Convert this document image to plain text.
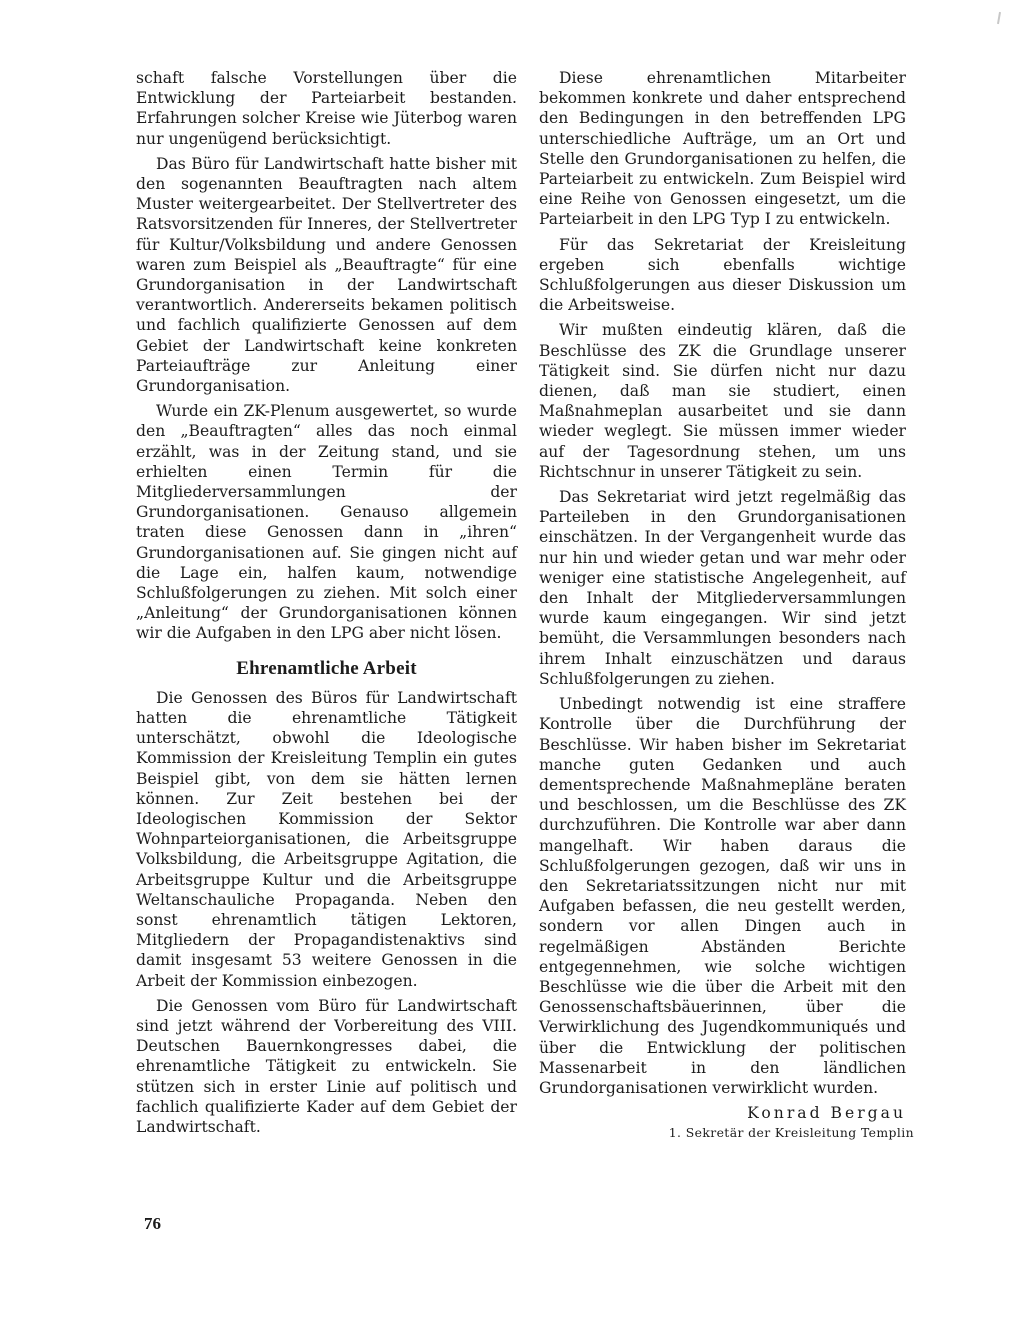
schaft falsche Vorstellungen über die Entwicklung der Parteiarbeit bestanden. Erfahrungen solcher Kreise wie Jüterbog waren nur ungenügend berücksichtigt.

Das Büro für Landwirtschaft hatte bisher mit den sogenannten Beauftragten nach altem Muster weitergearbeitet. Der Stellvertreter des Ratsvorsitzenden für Inneres, der Stellvertreter für Kultur/Volksbildung und andere Genossen waren zum Beispiel als „Beauftragte“ für eine Grundorganisation in der Landwirtschaft verantwortlich. Andererseits bekamen politisch und fachlich qualifizierte Genossen auf dem Gebiet der Landwirtschaft keine konkreten Parteiaufträge zur Anleitung einer Grundorganisation.

Wurde ein ZK-Plenum ausgewertet, so wurde den „Beauftragten“ alles das noch einmal erzählt, was in der Zeitung stand, und sie erhielten einen Termin für die Mitgliederversammlungen der Grundorganisationen. Genauso allgemein traten diese Genossen dann in „ihren“ Grundorganisationen auf. Sie gingen nicht auf die Lage ein, halfen kaum, notwendige Schlußfolgerungen zu ziehen. Mit solch einer „Anleitung“ der Grundorganisationen können wir die Aufgaben in den LPG aber nicht lösen.

Ehrenamtliche Arbeit

Die Genossen des Büros für Landwirtschaft hatten die ehrenamtliche Tätigkeit unterschätzt, obwohl die Ideologische Kommission der Kreisleitung Templin ein gutes Beispiel gibt, von dem sie hätten lernen können. Zur Zeit bestehen bei der Ideologischen Kommission der Sektor Wohnparteiorganisationen, die Arbeitsgruppe Volksbildung, die Arbeitsgruppe Agitation, die Arbeitsgruppe Kultur und die Arbeitsgruppe Weltanschauliche Propaganda. Neben den sonst ehrenamtlich tätigen Lektoren, Mitgliedern der Propagandistenaktivs sind damit insgesamt 53 weitere Genossen in die Arbeit der Kommission einbezogen.

Die Genossen vom Büro für Landwirtschaft sind jetzt während der Vorbereitung des VIII. Deutschen Bauernkongresses dabei, die ehrenamtliche Tätigkeit zu entwickeln. Sie stützen sich in erster Linie auf politisch und fachlich qualifizierte Kader auf dem Gebiet der Landwirtschaft.

Diese ehrenamtlichen Mitarbeiter bekommen konkrete und daher entsprechend den Bedingungen in den betreffenden LPG unterschiedliche Aufträge, um an Ort und Stelle den Grundorganisationen zu helfen, die Parteiarbeit zu entwickeln. Zum Beispiel wird eine Reihe von Genossen eingesetzt, um die Parteiarbeit in den LPG Typ I zu entwickeln.

Für das Sekretariat der Kreisleitung ergeben sich ebenfalls wichtige Schlußfolgerungen aus dieser Diskussion um die Arbeitsweise.

Wir mußten eindeutig klären, daß die Beschlüsse des ZK die Grundlage unserer Tätigkeit sind. Sie dürfen nicht nur dazu dienen, daß man sie studiert, einen Maßnahmeplan ausarbeitet und sie dann wieder weglegt. Sie müssen immer wieder auf der Tagesordnung stehen, um uns Richtschnur in unserer Tätigkeit zu sein.

Das Sekretariat wird jetzt regelmäßig das Parteileben in den Grundorganisationen einschätzen. In der Vergangenheit wurde das nur hin und wieder getan und war mehr oder weniger eine statistische Angelegenheit, auf den Inhalt der Mitgliederversammlungen wurde kaum eingegangen. Wir sind jetzt bemüht, die Versammlungen besonders nach ihrem Inhalt einzuschätzen und daraus Schlußfolgerungen zu ziehen.

Unbedingt notwendig ist eine straffere Kontrolle über die Durchführung der Beschlüsse. Wir haben bisher im Sekretariat manche guten Gedanken und auch dementsprechende Maßnahmepläne beraten und beschlossen, um die Beschlüsse des ZK durchzuführen. Die Kontrolle war aber dann mangelhaft. Wir haben daraus die Schlußfolgerungen gezogen, daß wir uns in den Sekretariatssitzungen nicht nur mit Aufgaben befassen, die neu gestellt werden, sondern vor allen Dingen auch in regelmäßigen Abständen Berichte entgegennehmen, wie solche wichtigen Beschlüsse wie die über die Arbeit mit den Genossenschaftsbäuerinnen, über die Verwirklichung des Jugendkommuniqués und über die Entwicklung der politischen Massenarbeit in den ländlichen Grundorganisationen verwirklicht wurden.

Konrad Bergau
1. Sekretär der Kreisleitung Templin
76
